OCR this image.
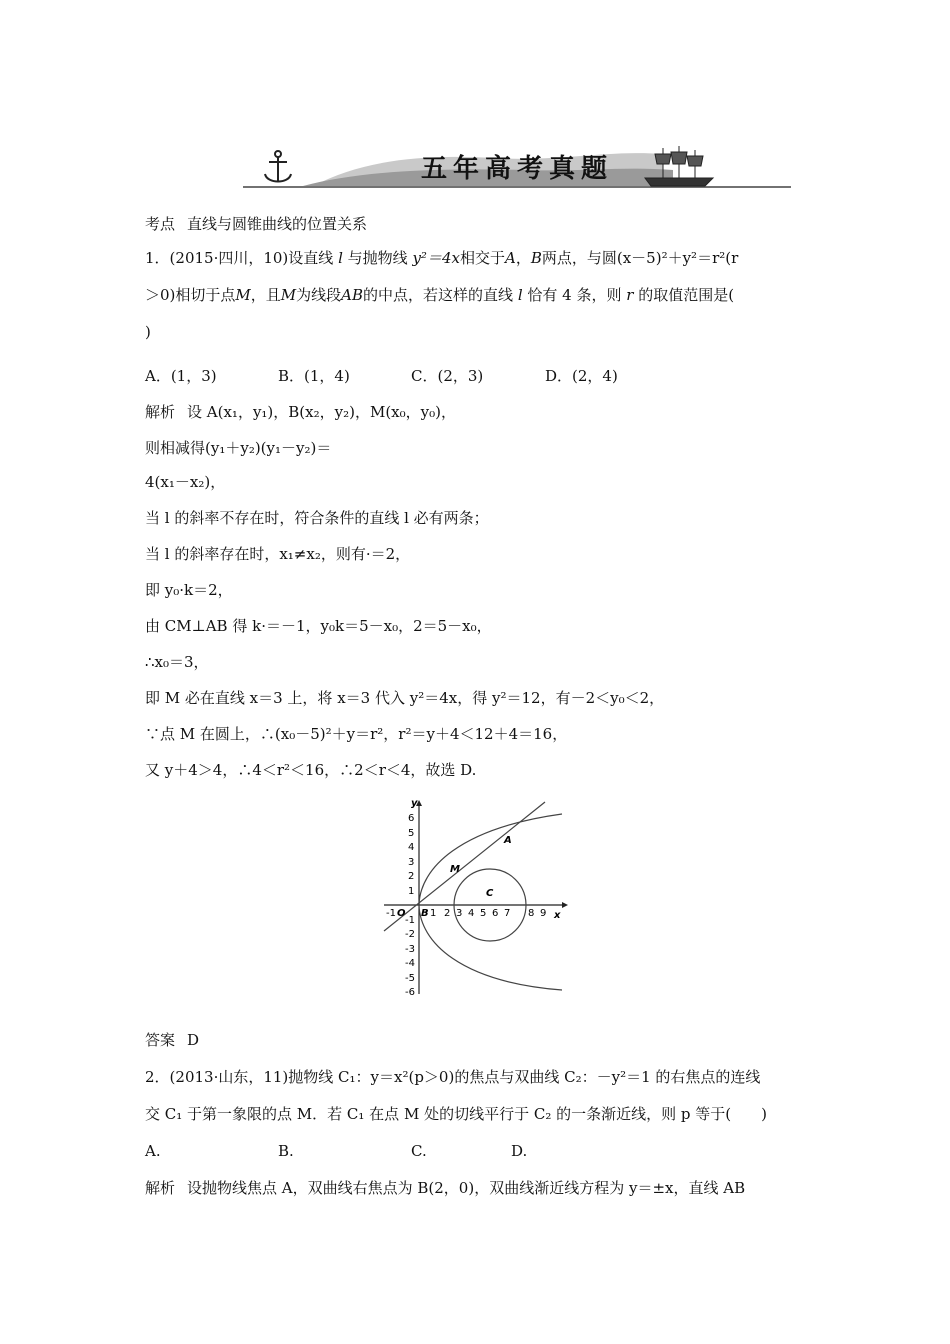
五年高考真题
考点 直线与圆锥曲线的位置关系
1．(2015·四川，10)设直线 l 与抛物线 y²＝4x相交于A，B两点，与圆(x－5)²＋y²＝r²(r
＞0)相切于点M，且M为线段AB的中点，若这样的直线 l 恰有 4 条，则 r 的取值范围是(
)
A．(1，3)	B．(1，4)	C．(2，3)	D．(2，4)
解析 设 A(x₁，y₁)，B(x₂，y₂)，M(x₀，y₀)，
则相减得(y₁＋y₂)(y₁－y₂)＝
4(x₁－x₂)，
当 l 的斜率不存在时，符合条件的直线 l 必有两条；
当 l 的斜率存在时，x₁≠x₂，则有·＝2，
即 y₀·k＝2，
由 CM⊥AB 得 k·＝－1，y₀k＝5－x₀，2＝5－x₀，
∴x₀＝3，
即 M 必在直线 x＝3 上，将 x＝3 代入 y²＝4x，得 y²＝12，有－2＜y₀＜2，
∵点 M 在圆上，∴(x₀－5)²＋y＝r²，r²＝y＋4＜12＋4＝16，
又 y＋4＞4，∴4＜r²＜16，∴2＜r＜4，故选 D.
y
x
6
5
4
3
2
1
-1
-2
-3
-4
-5
-6
-1 O B 1 2 3 4 5 6 7 8 9
A
M
C
答案 D
2．(2013·山东，11)抛物线 C₁：y＝x²(p＞0)的焦点与双曲线 C₂：－y²＝1 的右焦点的连线
交 C₁ 于第一象限的点 M．若 C₁ 在点 M 处的切线平行于 C₂ 的一条渐近线，则 p 等于(　　)
A.	B.	C.	D.
解析 设抛物线焦点 A，双曲线右焦点为 B(2，0)，双曲线渐近线方程为 y＝±x，直线 AB
